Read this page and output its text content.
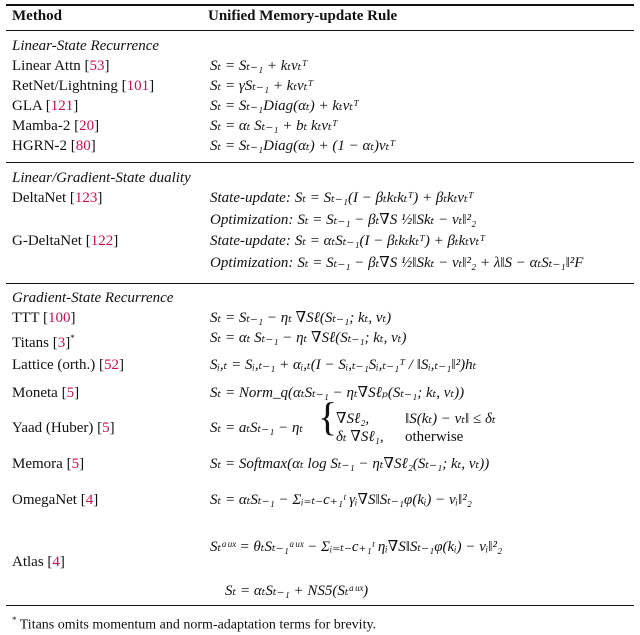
Method	Unified Memory-update Rule
* Titans omits momentum and norm-adaptation terms for brevity.
Linear-State Recurrence
Linear Attn [53]	Sₜ = Sₜ₋₁ + kₜvₜᵀ
RetNet/Lightning [101]	Sₜ = γSₜ₋₁ + kₜvₜᵀ
GLA [121]	Sₜ = Sₜ₋₁Diag(αₜ) + kₜvₜᵀ
Mamba-2 [20]	Sₜ = αₜ Sₜ₋₁ + bₜ kₜvₜᵀ
HGRN-2 [80]	Sₜ = Sₜ₋₁Diag(αₜ) + (1 − αₜ)vₜᵀ
Linear/Gradient-State duality
DeltaNet [123]	State-update: Sₜ = Sₜ₋₁(I − βₜkₜkₜᵀ) + βₜkₜvₜᵀ
Optimization: Sₜ = Sₜ₋₁ − βₜ∇S ½‖Skₜ − vₜ‖²₂
G-DeltaNet [122]	State-update: Sₜ = αₜSₜ₋₁(I − βₜkₜkₜᵀ) + βₜkₜvₜᵀ
Optimization: Sₜ = Sₜ₋₁ − βₜ∇S ½‖Skₜ − vₜ‖²₂ + λ‖S − αₜSₜ₋₁‖²F
Gradient-State Recurrence
TTT [100]	Sₜ = Sₜ₋₁ − ηₜ ∇Sℓ(Sₜ₋₁; kₜ, vₜ)
Titans [3]*	Sₜ = αₜ Sₜ₋₁ − ηₜ ∇Sℓ(Sₜ₋₁; kₜ, vₜ)
Lattice (orth.) [52]	Sᵢ,ₜ = Sᵢ,ₜ₋₁ + αᵢ,ₜ(I − Sᵢ,ₜ₋₁Sᵢ,ₜ₋₁ᵀ / ‖Sᵢ,ₜ₋₁‖²)hₜ
Moneta [5]	Sₜ = Norm_q(αₜSₜ₋₁ − ηₜ∇Sℓₚ(Sₜ₋₁; kₜ, vₜ))
Yaad (Huber) [5]	Sₜ = aₜSₜ₋₁ − ηₜ {
∇Sℓ₂, ‖S(kₜ) − vₜ‖ ≤ δₜ
δₜ ∇Sℓ₁, otherwise
Memora [5]	Sₜ = Softmax(αₜ log Sₜ₋₁ − ηₜ∇Sℓ₂(Sₜ₋₁; kₜ, vₜ))
OmegaNet [4]	Sₜ = αₜSₜ₋₁ − Σᵢ₌ₜ₋c₊₁ᵗ γᵢ∇S‖Sₜ₋₁φ(kᵢ) − vᵢ‖²₂
Atlas [4]
Sₜᵃᵘˣ = θₜSₜ₋₁ᵃᵘˣ − Σᵢ₌ₜ₋c₊₁ᵗ ηᵢ∇S‖Sₜ₋₁φ(kᵢ) − vᵢ‖²₂
Sₜ = αₜSₜ₋₁ + NS5(Sₜᵃᵘˣ)
